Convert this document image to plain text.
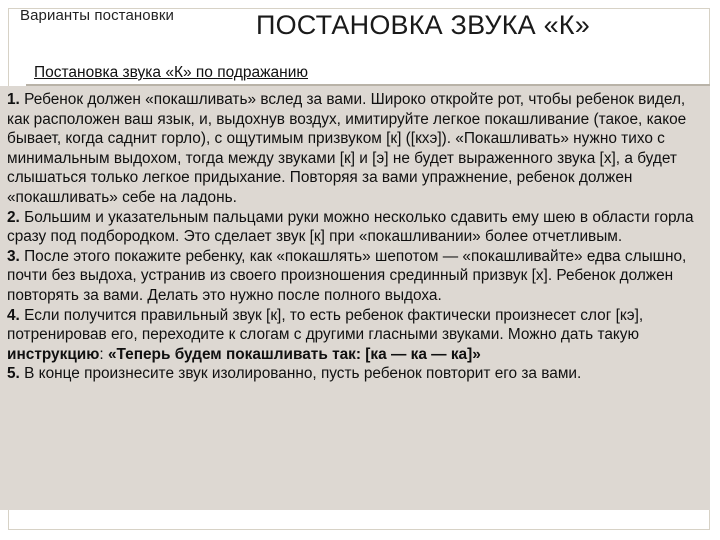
Варианты постановки	ПОСТАНОВКА ЗВУКА «К»
Постановка звука «К» по подражанию

1. Ребенок должен «покашливать» вслед за вами. Широко откройте рот, чтобы ребенок видел, как расположен ваш язык, и, выдохнув воздух, имитируйте легкое покашливание (такое, какое бывает, когда саднит горло), с ощутимым призвуком [к] ([кхэ]). «Покашливать» нужно тихо с минимальным выдохом, тогда между звуками [к] и [э] не будет выраженного звука [х], а будет слышаться только легкое придыхание. Повторяя за вами упражнение, ребенок должен «покашливать» себе на ладонь.

2. Большим и указательным пальцами руки можно несколько сдавить ему шею в области горла сразу под подбородком. Это сделает звук [к] при «покашливании» более отчетливым.

3. После этого покажите ребенку, как «покашлять» шепотом — «покашливайте» едва слышно, почти без выдоха, устранив из своего произношения срединный призвук [х]. Ребенок должен повторять за вами. Делать это нужно после полного выдоха.

4. Если получится правильный звук [к], то есть ребенок фактически произнесет слог [кэ], потренировав его, переходите к слогам с другими гласными звуками. Можно дать такую инструкцию: «Теперь будем покашливать так: [ка — ка — ка]»

5. В конце произнесите звук изолированно, пусть ребенок повторит его за вами.
